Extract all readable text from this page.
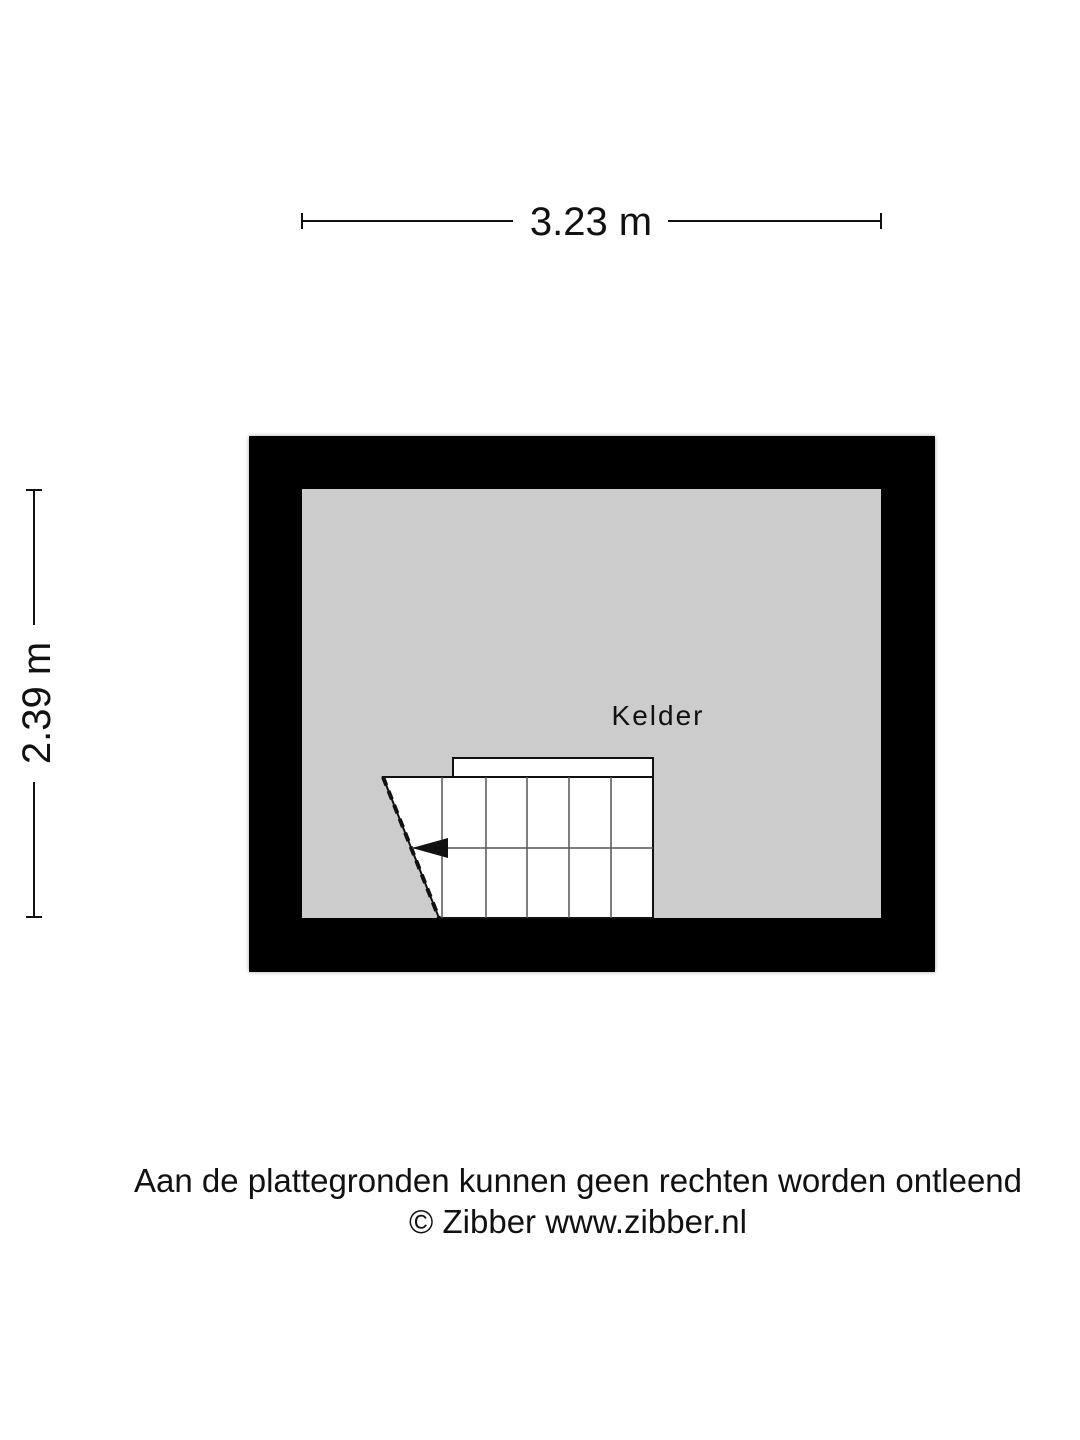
3.23 m
2.39 m	Kelder
Aan de plattegronden kunnen geen rechten worden ontleend
© Zibber www.zibber.nl
